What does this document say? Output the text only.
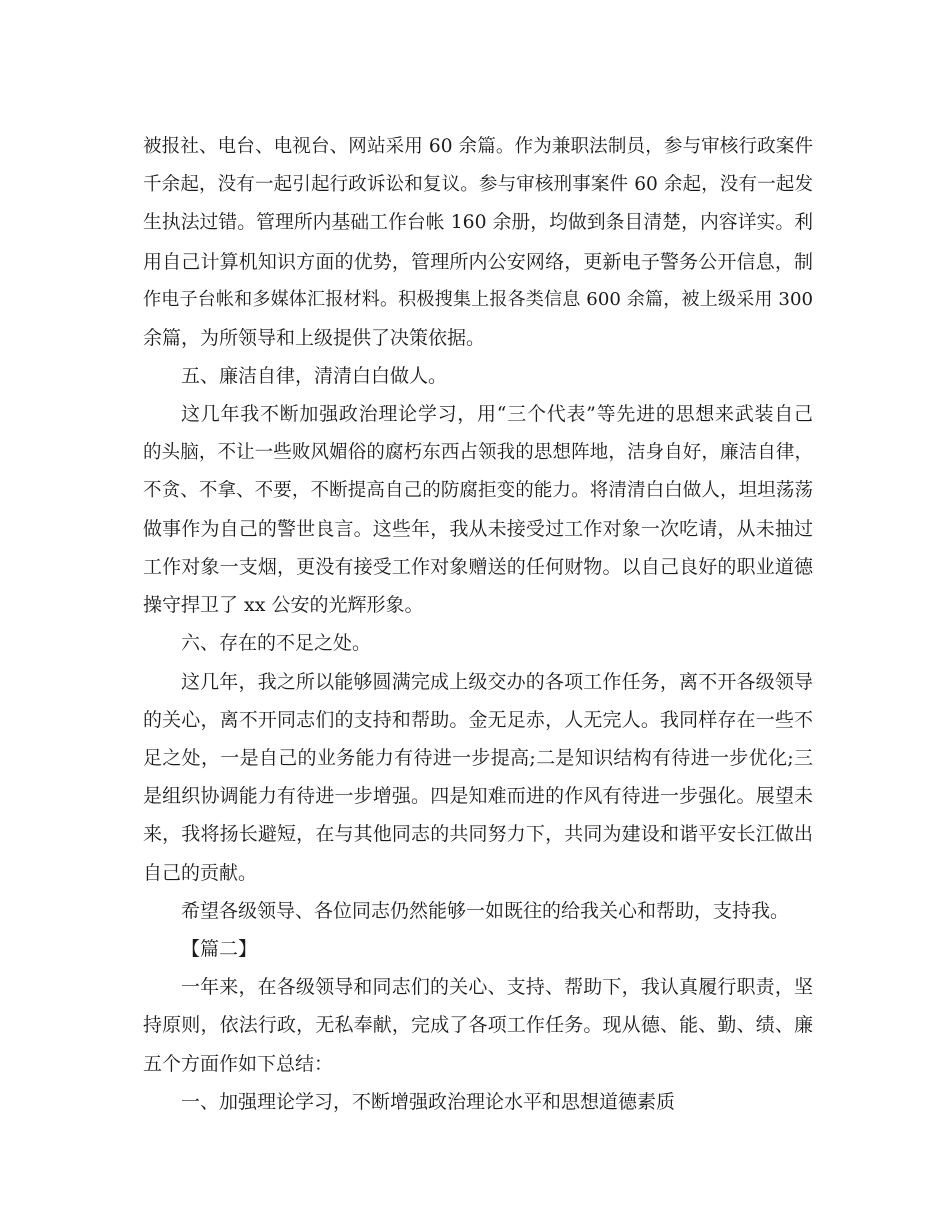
被报社、电台、电视台、网站采用 60 余篇。作为兼职法制员，参与审核行政案件
千余起，没有一起引起行政诉讼和复议。参与审核刑事案件 60 余起，没有一起发
生执法过错。管理所内基础工作台帐 160 余册，均做到条目清楚，内容详实。利
用自己计算机知识方面的优势，管理所内公安网络，更新电子警务公开信息，制
作电子台帐和多媒体汇报材料。积极搜集上报各类信息 600 余篇，被上级采用 300
余篇，为所领导和上级提供了决策依据。
五、廉洁自律，清清白白做人。
这几年我不断加强政治理论学习，用“三个代表”等先进的思想来武装自己
的头脑，不让一些败风媚俗的腐朽东西占领我的思想阵地，洁身自好，廉洁自律，
不贪、不拿、不要，不断提高自己的防腐拒变的能力。将清清白白做人，坦坦荡荡
做事作为自己的警世良言。这些年，我从未接受过工作对象一次吃请，从未抽过
工作对象一支烟，更没有接受工作对象赠送的任何财物。以自己良好的职业道德
操守捍卫了 xx 公安的光辉形象。
六、存在的不足之处。
这几年，我之所以能够圆满完成上级交办的各项工作任务，离不开各级领导
的关心，离不开同志们的支持和帮助。金无足赤，人无完人。我同样存在一些不
足之处，一是自己的业务能力有待进一步提高;二是知识结构有待进一步优化;三
是组织协调能力有待进一步增强。四是知难而进的作风有待进一步强化。展望未
来，我将扬长避短，在与其他同志的共同努力下，共同为建设和谐平安长江做出
自己的贡献。
希望各级领导、各位同志仍然能够一如既往的给我关心和帮助，支持我。
【篇二】
一年来，在各级领导和同志们的关心、支持、帮助下，我认真履行职责，坚
持原则，依法行政，无私奉献，完成了各项工作任务。现从德、能、勤、绩、廉
五个方面作如下总结：
一、加强理论学习，不断增强政治理论水平和思想道德素质
